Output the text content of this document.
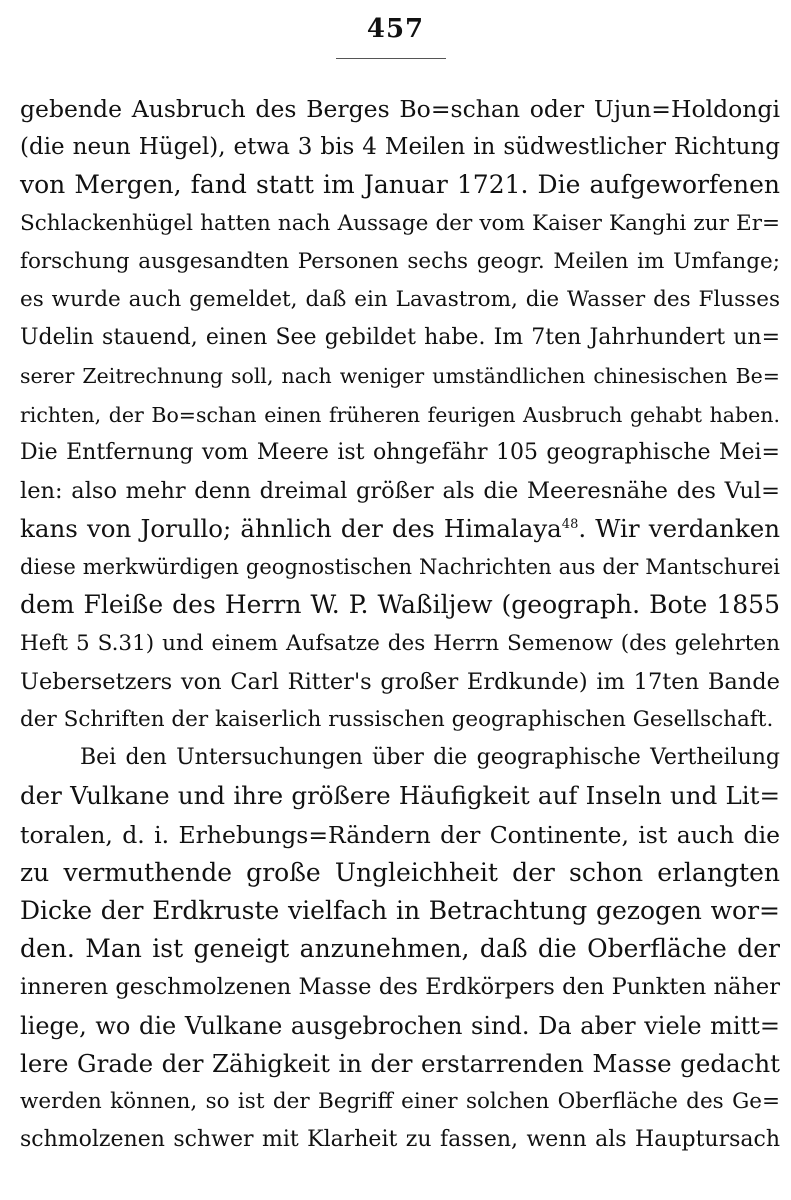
457
gebende Ausbruch des Berges Bo=schan oder Ujun=Holdongi
(die neun Hügel), etwa 3 bis 4 Meilen in südwestlicher Richtung
von Mergen, fand statt im Januar 1721. Die aufgeworfenen
Schlackenhügel hatten nach Aussage der vom Kaiser Kanghi zur Er=
forschung ausgesandten Personen sechs geogr. Meilen im Umfange;
es wurde auch gemeldet, daß ein Lavastrom, die Wasser des Flusses
Udelin stauend, einen See gebildet habe. Im 7ten Jahrhundert un=
serer Zeitrechnung soll, nach weniger umständlichen chinesischen Be=
richten, der Bo=schan einen früheren feurigen Ausbruch gehabt haben.
Die Entfernung vom Meere ist ohngefähr 105 geographische Mei=
len: also mehr denn dreimal größer als die Meeresnähe des Vul=
kans von Jorullo; ähnlich der des Himalaya$^{48}$. Wir verdanken
diese merkwürdigen geognostischen Nachrichten aus der Mantschurei
dem Fleiße des Herrn W. P. Waßiljew (geograph. Bote 1855
Heft 5 S.31) und einem Aufsatze des Herrn Semenow (des gelehrten
Uebersetzers von Carl Ritter's großer Erdkunde) im 17ten Bande
der Schriften der kaiserlich russischen geographischen Gesellschaft.
Bei den Untersuchungen über die geographische Vertheilung
der Vulkane und ihre größere Häufigkeit auf Inseln und Lit=
toralen, d. i. Erhebungs=Rändern der Continente, ist auch die
zu vermuthende große Ungleichheit der schon erlangten
Dicke der Erdkruste vielfach in Betrachtung gezogen wor=
den. Man ist geneigt anzunehmen, daß die Oberfläche der
inneren geschmolzenen Masse des Erdkörpers den Punkten näher
liege, wo die Vulkane ausgebrochen sind. Da aber viele mitt=
lere Grade der Zähigkeit in der erstarrenden Masse gedacht
werden können, so ist der Begriff einer solchen Oberfläche des Ge=
schmolzenen schwer mit Klarheit zu fassen, wenn als Hauptursach
